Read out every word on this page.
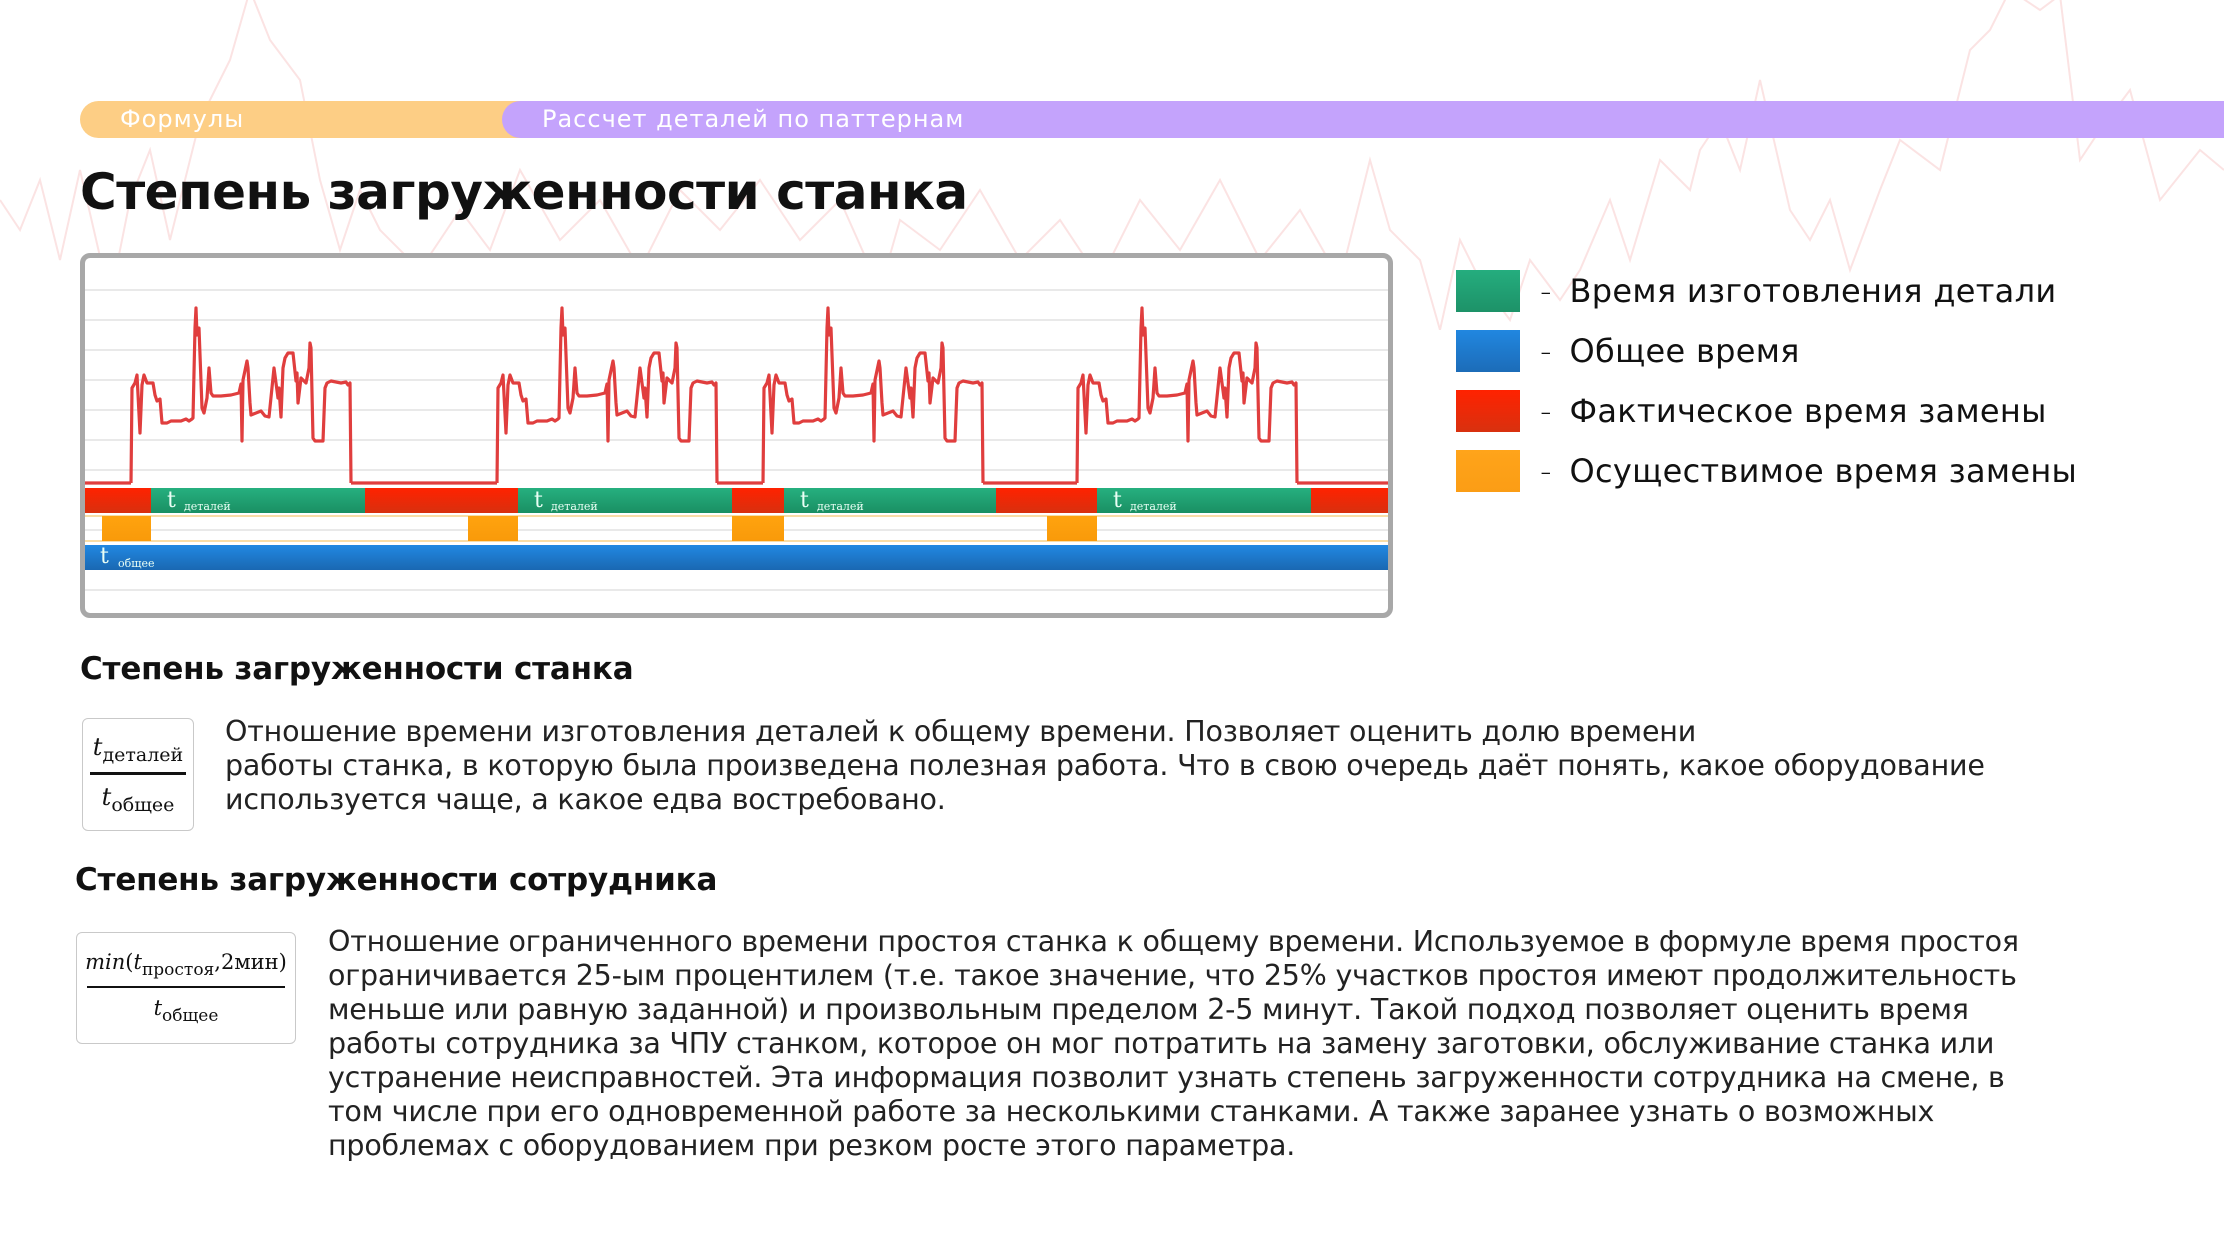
Формулы	Рассчет деталей по паттернам
Степень загруженности станка
t деталей	t деталей	t деталей	t деталей
t общее
- Время изготовления детали
- Общее время
- Фактическое время замены
- Осуществимое время замены
Степень загруженности станка
$t_{деталей}$
$t_{общее}$
Отношение времени изготовления деталей к общему времени. Позволяет оценить долю времени
работы станка, в которую была произведена полезная работа. Что в свою очередь даёт понять, какое оборудование
используется чаще, а какое едва востребовано.
Степень загруженности сотрудника
$\min(t_{простоя},2мин)$
$t_{общее}$
Отношение ограниченного времени простоя станка к общему времени. Используемое в формуле время простоя
ограничивается 25-ым процентилем (т.е. такое значение, что 25% участков простоя имеют продолжительность
меньше или равную заданной) и произвольным пределом 2-5 минут. Такой подход позволяет оценить время
работы сотрудника за ЧПУ станком, которое он мог потратить на замену заготовки, обслуживание станка или
устранение неисправностей. Эта информация позволит узнать степень загруженности сотрудника на смене, в
том числе при его одновременной работе за несколькими станками. А также заранее узнать о возможных
проблемах с оборудованием при резком росте этого параметра.
